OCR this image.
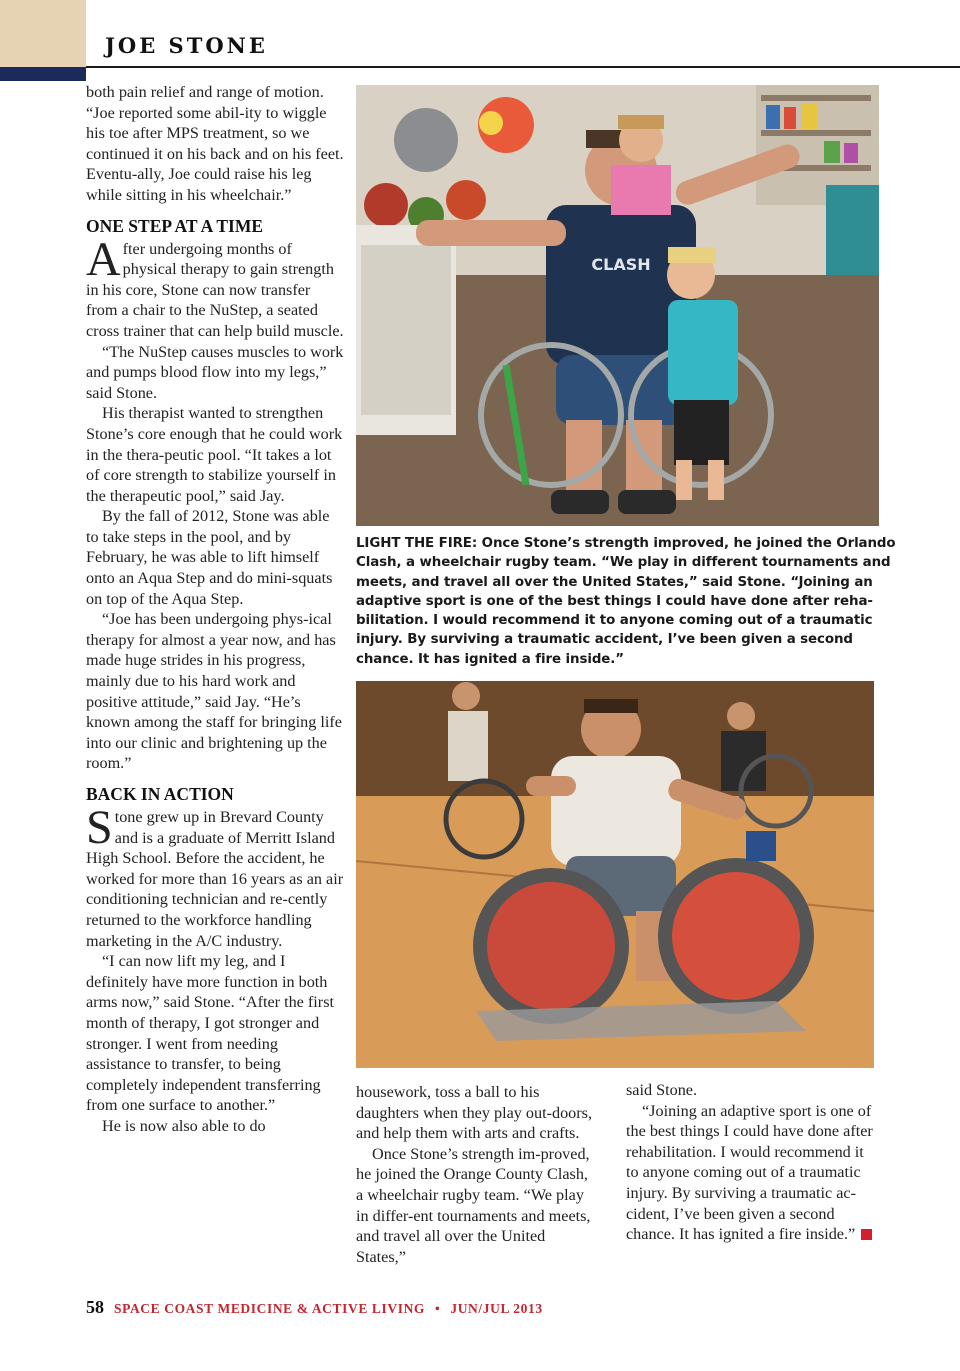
JOE STONE

both pain relief and range of motion. “Joe reported some abil-ity to wiggle his toe after MPS treatment, so we continued it on his back and on his feet. Eventu-ally, Joe could raise his leg while sitting in his wheelchair.”

ONE STEP AT A TIME

After undergoing months of physical therapy to gain strength in his core, Stone can now transfer from a chair to the NuStep, a seated cross trainer that can help build muscle.

“The NuStep causes muscles to work and pumps blood flow into my legs,” said Stone.

His therapist wanted to strengthen Stone’s core enough that he could work in the thera-peutic pool. “It takes a lot of core strength to stabilize yourself in the therapeutic pool,” said Jay.

By the fall of 2012, Stone was able to take steps in the pool, and by February, he was able to lift himself onto an Aqua Step and do mini-squats on top of the Aqua Step.

“Joe has been undergoing phys-ical therapy for almost a year now, and has made huge strides in his progress, mainly due to his hard work and positive attitude,” said Jay. “He’s known among the staff for bringing life into our clinic and brightening up the room.”

BACK IN ACTION

Stone grew up in Brevard County and is a graduate of Merritt Island High School. Before the accident, he worked for more than 16 years as an air conditioning technician and re-cently returned to the workforce handling marketing in the A/C industry.

“I can now lift my leg, and I definitely have more function in both arms now,” said Stone. “After the first month of therapy, I got stronger and stronger. I went from needing assistance to transfer, to being completely independent transferring from one surface to another.”

He is now also able to do

CLASH

LIGHT THE FIRE: Once Stone’s strength improved, he joined the Orlando Clash, a wheelchair rugby team. “We play in different tournaments and meets, and travel all over the United States,” said Stone. “Joining an adaptive sport is one of the best things I could have done after reha-bilitation. I would recommend it to anyone coming out of a traumatic injury. By surviving a traumatic accident, I’ve been given a second chance. It has ignited a fire inside.”

housework, toss a ball to his daughters when they play out-doors, and help them with arts and crafts.

Once Stone’s strength im-proved, he joined the Orange County Clash, a wheelchair rugby team. “We play in differ-ent tournaments and meets, and travel all over the United States,”

said Stone.

“Joining an adaptive sport is one of the best things I could have done after rehabilitation. I would recommend it to anyone coming out of a traumatic injury. By surviving a traumatic ac-cident, I’ve been given a second chance. It has ignited a fire inside.”

58 SPACE COAST MEDICINE & ACTIVE LIVING • JUN/JUL 2013
